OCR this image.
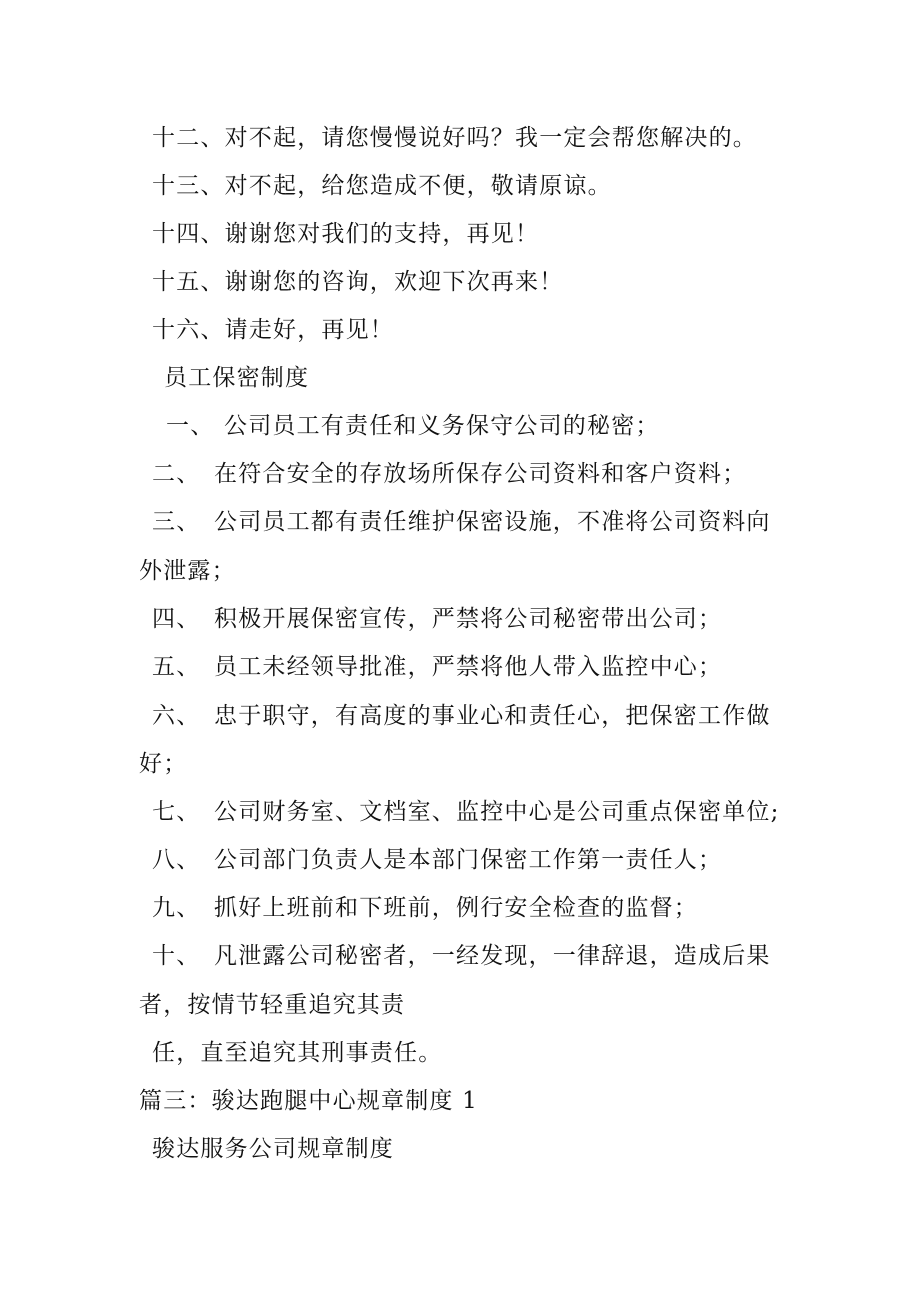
十二、对不起，请您慢慢说好吗？我一定会帮您解决的。
十三、对不起，给您造成不便，敬请原谅。
十四、谢谢您对我们的支持，再见！
十五、谢谢您的咨询，欢迎下次再来！
十六、请走好，再见！
员工保密制度
一、 公司员工有责任和义务保守公司的秘密；
二、 在符合安全的存放场所保存公司资料和客户资料；
三、 公司员工都有责任维护保密设施，不准将公司资料向
外泄露；
四、 积极开展保密宣传，严禁将公司秘密带出公司；
五、 员工未经领导批准，严禁将他人带入监控中心；
六、 忠于职守，有高度的事业心和责任心，把保密工作做
好；
七、 公司财务室、文档室、监控中心是公司重点保密单位;
八、 公司部门负责人是本部门保密工作第一责任人；
九、 抓好上班前和下班前，例行安全检查的监督；
十、 凡泄露公司秘密者，一经发现，一律辞退，造成后果
者，按情节轻重追究其责
任，直至追究其刑事责任。
篇三：骏达跑腿中心规章制度 1
骏达服务公司规章制度
